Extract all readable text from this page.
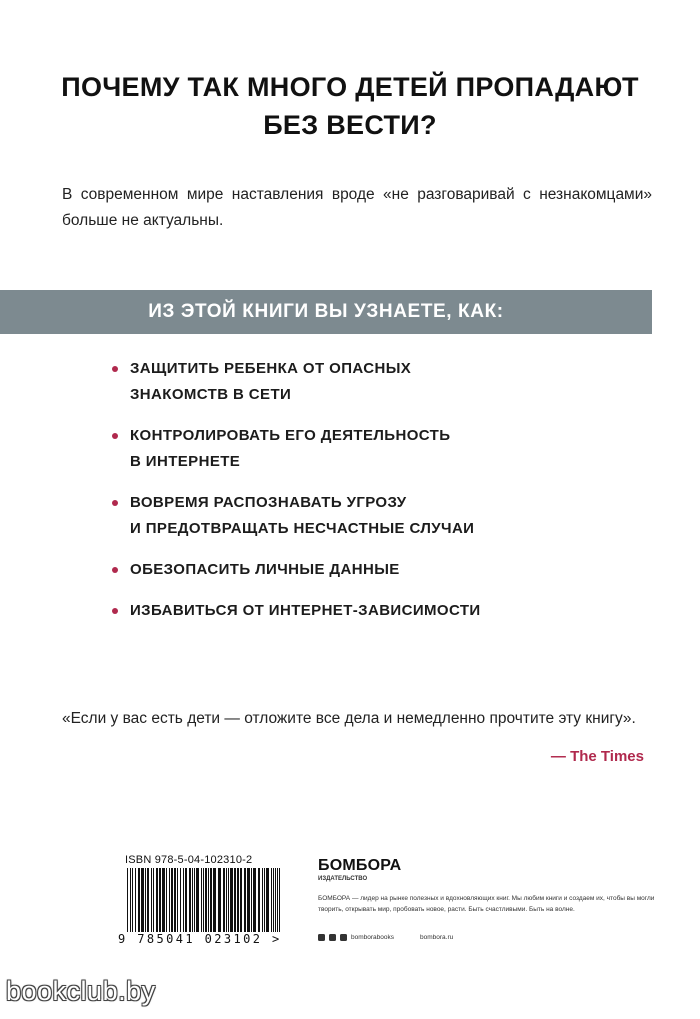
ПОЧЕМУ ТАК МНОГО ДЕТЕЙ ПРОПАДАЮТ
БЕЗ ВЕСТИ?
В современном мире наставления вроде «не разговаривай с незнакомцами» больше не актуальны.
ИЗ ЭТОЙ КНИГИ ВЫ УЗНАЕТЕ, КАК:
ЗАЩИТИТЬ РЕБЕНКА ОТ ОПАСНЫХ
ЗНАКОМСТВ В СЕТИ
КОНТРОЛИРОВАТЬ ЕГО ДЕЯТЕЛЬНОСТЬ
В ИНТЕРНЕТЕ
ВОВРЕМЯ РАСПОЗНАВАТЬ УГРОЗУ
И ПРЕДОТВРАЩАТЬ НЕСЧАСТНЫЕ СЛУЧАИ
ОБЕЗОПАСИТЬ ЛИЧНЫЕ ДАННЫЕ
ИЗБАВИТЬСЯ ОТ ИНТЕРНЕТ-ЗАВИСИМОСТИ
«Если у вас есть дети — отложите все дела и немедленно прочтите эту книгу».
— The Times
ISBN 978-5-04-102310-2
9 785041 023102 >
БОМБОРА
ИЗДАТЕЛЬСТВО
БОМБОРА — лидер на рынке полезных и вдохновляющих книг. Мы любим книги и создаем их, чтобы вы могли творить, открывать мир, пробовать новое, расти. Быть счастливыми. Быть на волне.
bomborabooks	bombora.ru
bookclub.by
